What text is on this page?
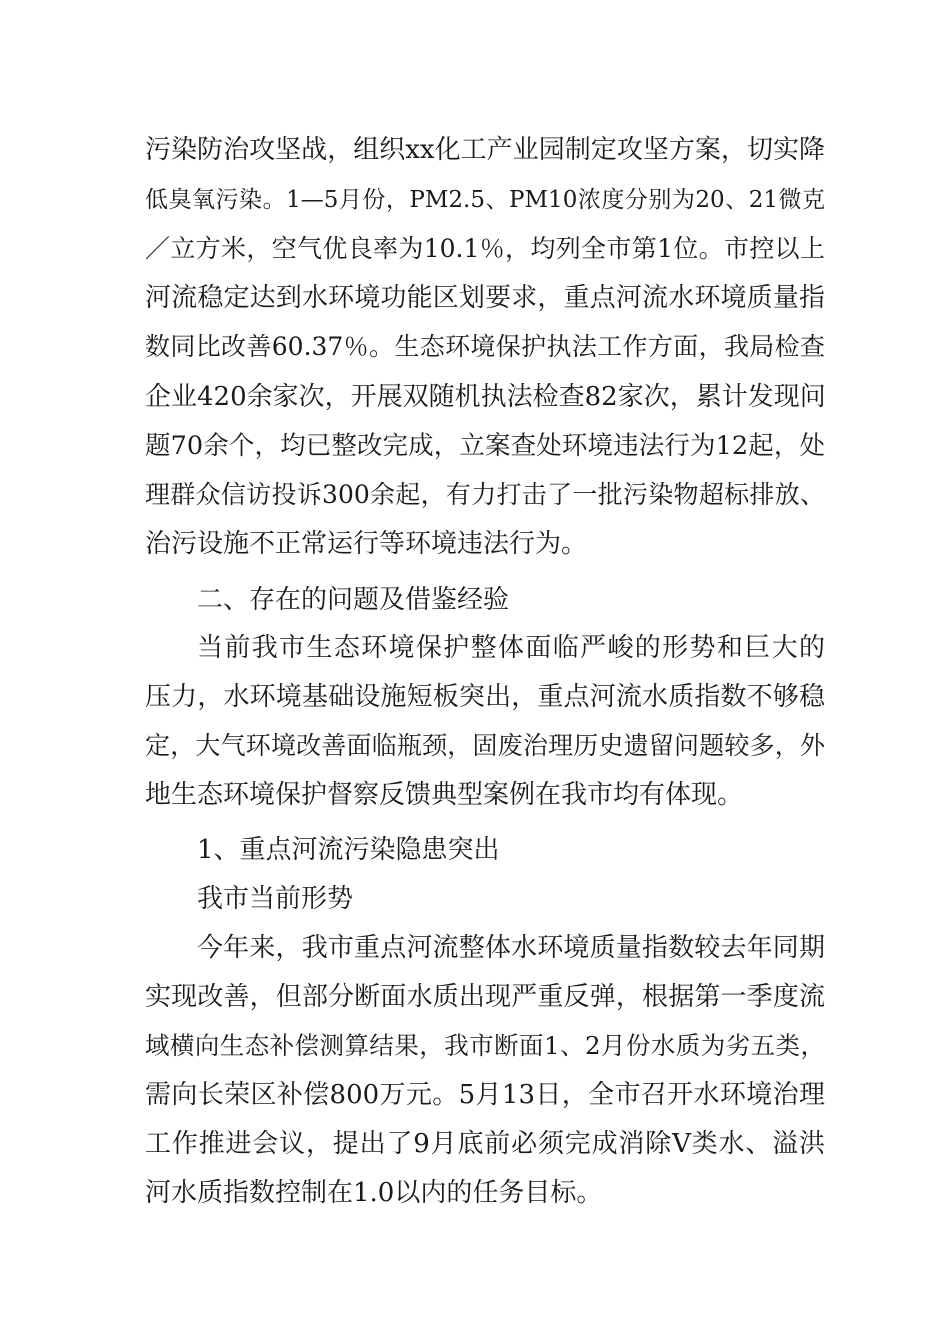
污染防治攻坚战，组织xx化工产业园制定攻坚方案，切实降
低臭氧污染。1—5月份，PM2.5、PM10浓度分别为20、21微克
／立方米，空气优良率为10.1％，均列全市第1位。市控以上
河流稳定达到水环境功能区划要求，重点河流水环境质量指
数同比改善60.37％。生态环境保护执法工作方面，我局检查
企业420余家次，开展双随机执法检查82家次，累计发现问
题70余个，均已整改完成，立案查处环境违法行为12起，处
理群众信访投诉300余起，有力打击了一批污染物超标排放、
治污设施不正常运行等环境违法行为。
二、存在的问题及借鉴经验
当前我市生态环境保护整体面临严峻的形势和巨大的
压力，水环境基础设施短板突出，重点河流水质指数不够稳
定，大气环境改善面临瓶颈，固废治理历史遗留问题较多，外
地生态环境保护督察反馈典型案例在我市均有体现。
1、重点河流污染隐患突出
我市当前形势
今年来，我市重点河流整体水环境质量指数较去年同期
实现改善，但部分断面水质出现严重反弹，根据第一季度流
域横向生态补偿测算结果，我市断面1、2月份水质为劣五类，
需向长荣区补偿800万元。5月13日，全市召开水环境治理
工作推进会议，提出了9月底前必须完成消除Ⅴ类水、溢洪
河水质指数控制在1.0以内的任务目标。
